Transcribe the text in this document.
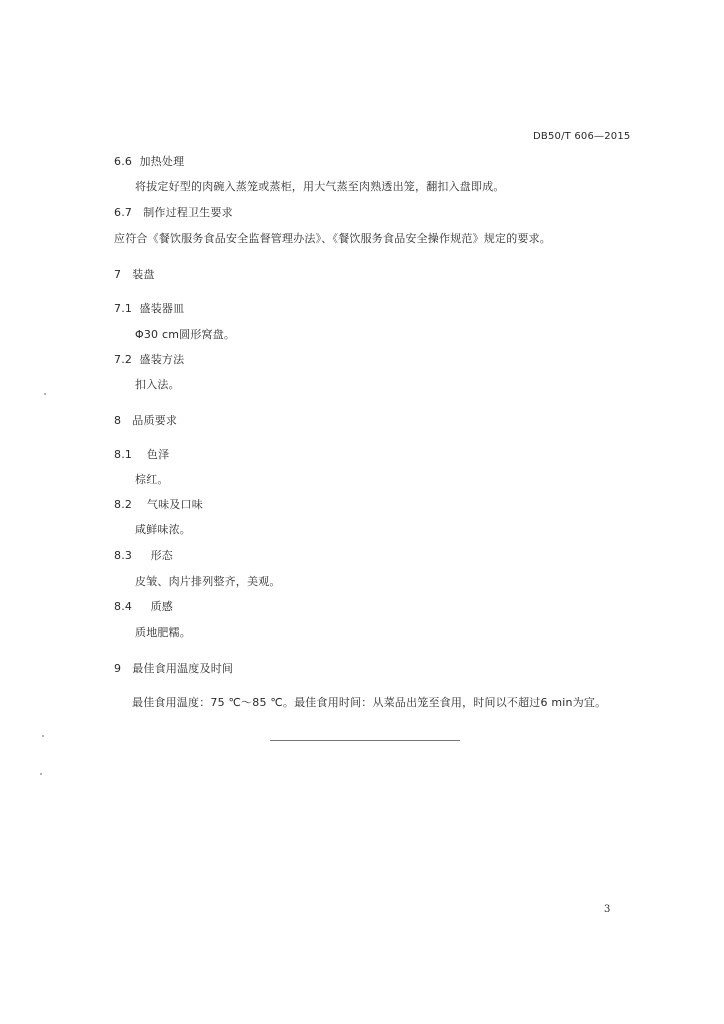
DB50/T 606—2015
6.6 加热处理
将拔定好型的肉碗入蒸笼或蒸柜，用大气蒸至肉熟透出笼，翻扣入盘即成。
6.7 制作过程卫生要求
应符合《餐饮服务食品安全监督管理办法》、《餐饮服务食品安全操作规范》规定的要求。
7 装盘
7.1 盛装器皿
Φ30 cm圆形窝盘。
7.2 盛装方法
扣入法。
8 品质要求
8.1 色泽
棕红。
8.2 气味及口味
咸鲜味浓。
8.3 形态
皮皱、肉片排列整齐，美观。
8.4 质感
质地肥糯。
9 最佳食用温度及时间
最佳食用温度：75 ℃～85 ℃。最佳食用时间：从菜品出笼至食用，时间以不超过6 min为宜。
3
